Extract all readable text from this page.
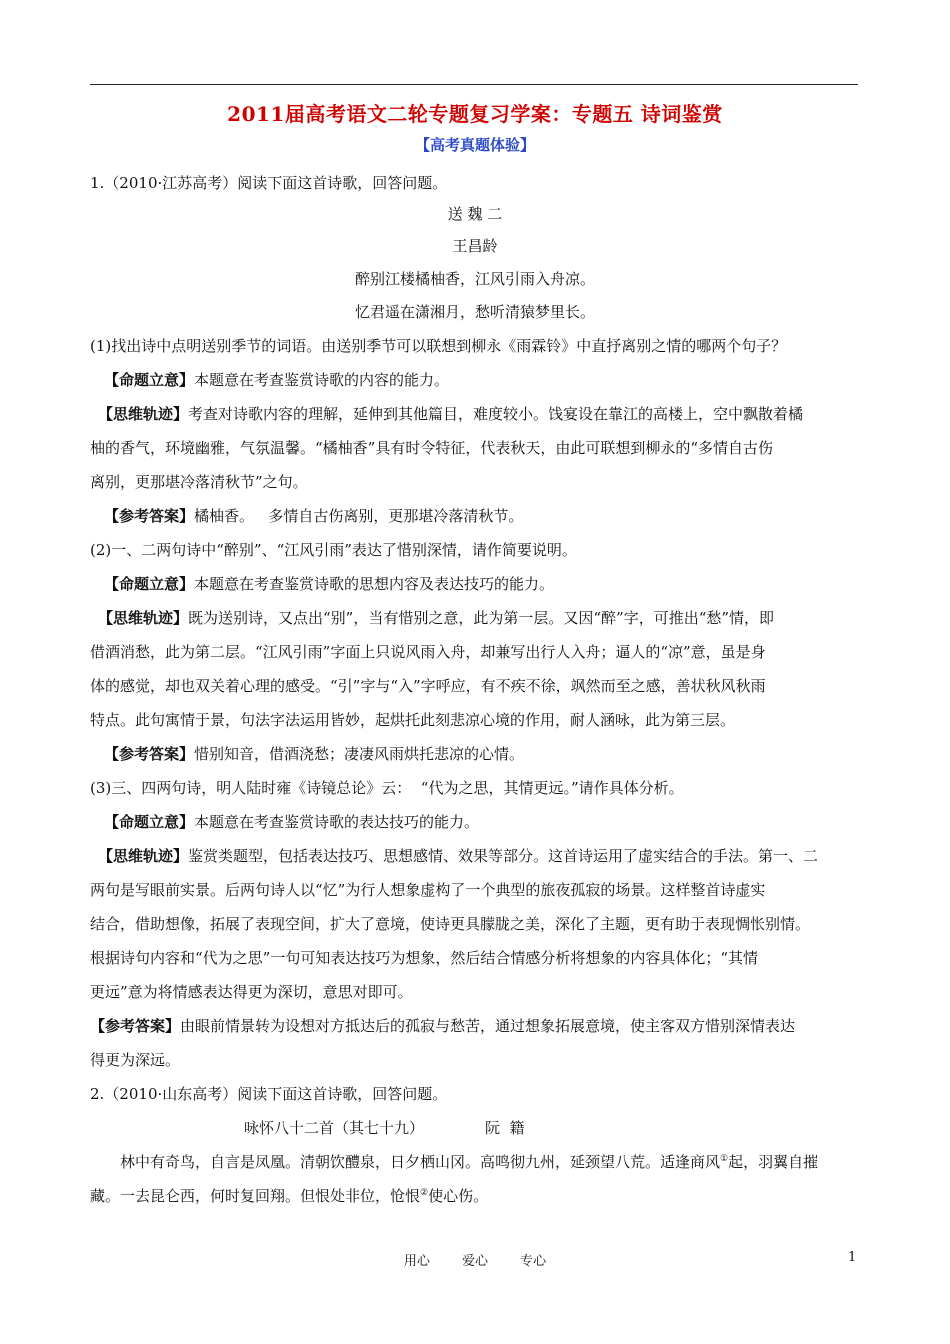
2011届高考语文二轮专题复习学案：专题五 诗词鉴赏
【高考真题体验】
1.（2010·江苏高考）阅读下面这首诗歌，回答问题。
送 魏 二
王昌龄
醉别江楼橘柚香，江风引雨入舟凉。
忆君遥在潇湘月，愁听清猿梦里长。
(1)找出诗中点明送别季节的词语。由送别季节可以联想到柳永《雨霖铃》中直抒离别之情的哪两个句子？
【命题立意】本题意在考查鉴赏诗歌的内容的能力。
【思维轨迹】考查对诗歌内容的理解，延伸到其他篇目，难度较小。饯宴设在靠江的高楼上，空中飘散着橘
柚的香气，环境幽雅，气氛温馨。“橘柚香”具有时令特征，代表秋天，由此可联想到柳永的“多情自古伤
离别，更那堪冷落清秋节”之句。
【参考答案】橘柚香。   多情自古伤离别，更那堪冷落清秋节。
(2)一、二两句诗中“醉别”、“江风引雨”表达了惜别深情，请作简要说明。
【命题立意】本题意在考查鉴赏诗歌的思想内容及表达技巧的能力。
【思维轨迹】既为送别诗，又点出“别”，当有惜别之意，此为第一层。又因“醉”字，可推出“愁”情，即
借酒消愁，此为第二层。“江风引雨”字面上只说风雨入舟，却兼写出行人入舟；逼人的“凉”意，虽是身
体的感觉，却也双关着心理的感受。“引”字与“入”字呼应，有不疾不徐，飒然而至之感，善状秋风秋雨
特点。此句寓情于景，句法字法运用皆妙，起烘托此刻悲凉心境的作用，耐人涵咏，此为第三层。
【参考答案】惜别知音，借酒浇愁；凄凄风雨烘托悲凉的心情。
(3)三、四两句诗，明人陆时雍《诗镜总论》云：  “代为之思，其情更远。”请作具体分析。
【命题立意】本题意在考查鉴赏诗歌的表达技巧的能力。
【思维轨迹】鉴赏类题型，包括表达技巧、思想感情、效果等部分。这首诗运用了虚实结合的手法。第一、二
两句是写眼前实景。后两句诗人以“忆”为行人想象虚构了一个典型的旅夜孤寂的场景。这样整首诗虚实
结合，借助想像，拓展了表现空间，扩大了意境，使诗更具朦胧之美，深化了主题，更有助于表现惆怅别情。
根据诗句内容和“代为之思”一句可知表达技巧为想象，然后结合情感分析将想象的内容具体化；“其情
更远”意为将情感表达得更为深切，意思对即可。
【参考答案】由眼前情景转为设想对方抵达后的孤寂与愁苦，通过想象拓展意境，使主客双方惜别深情表达
得更为深远。
2.（2010·山东高考）阅读下面这首诗歌，回答问题。
咏怀八十二首（其七十九）	阮  籍
林中有奇鸟，自言是凤凰。清朝饮醴泉，日夕栖山冈。高鸣彻九州，延颈望八荒。适逢商风①起，羽翼自摧
藏。一去昆仑西，何时复回翔。但恨处非位，怆恨②使心伤。
用心 爱心 专心	1
